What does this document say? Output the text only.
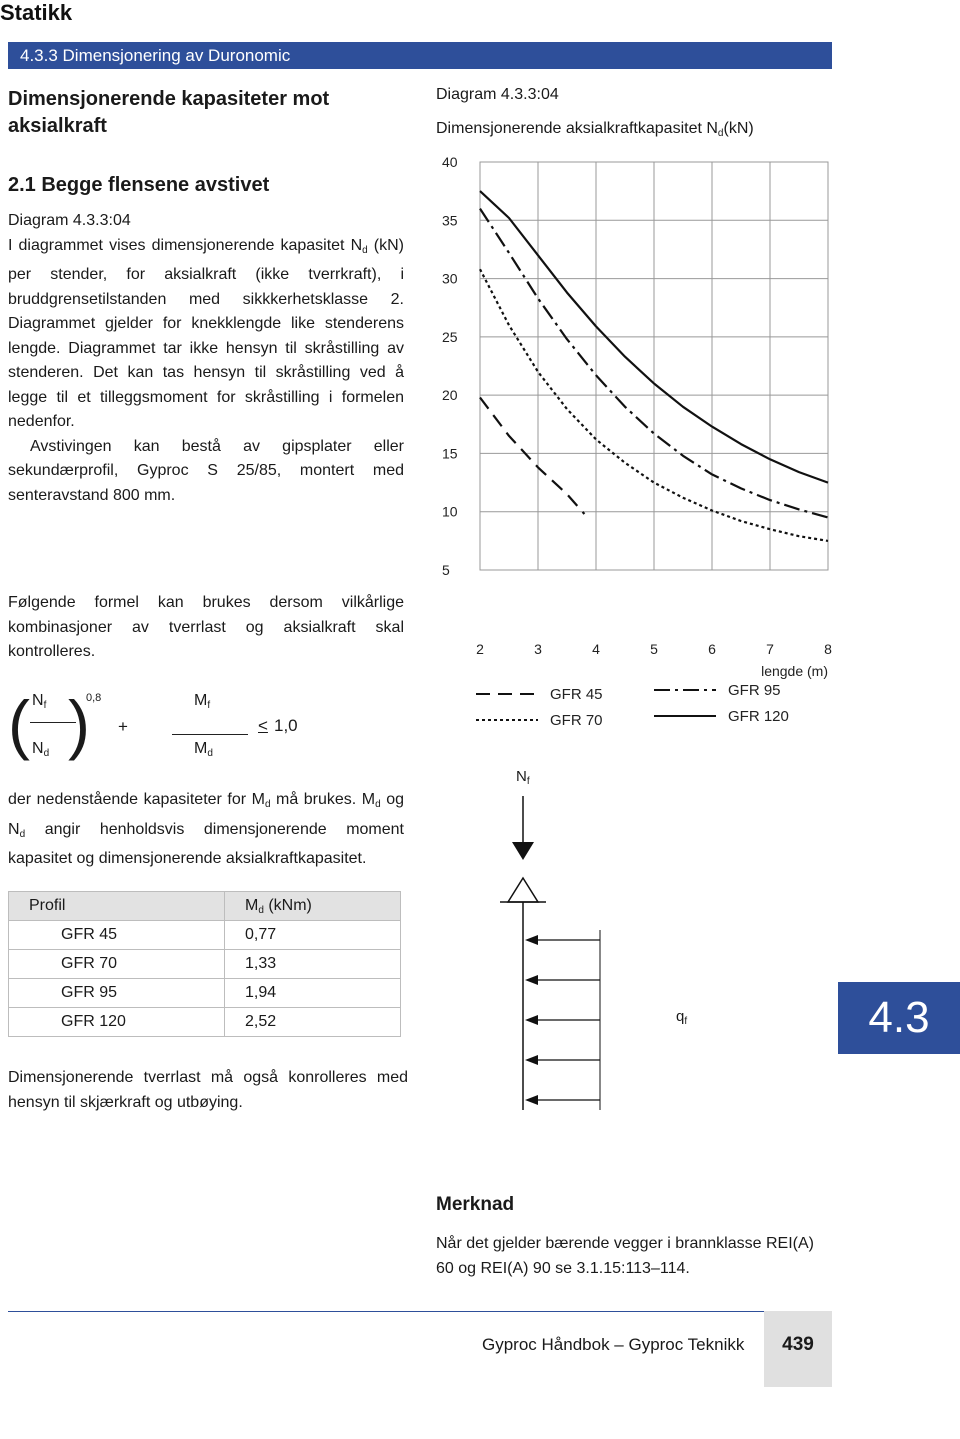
Statikk
4.3.3 Dimensjonering av Duronomic
Dimensjonerende kapasiteter mot aksialkraft
2.1 Begge flensene avstivet

Diagram 4.3.3:04

I diagrammet vises dimensjonerende kapasitet $N_d$ (kN) per stender, for aksialkraft (ikke tverrkraft), i bruddgrensetilstanden med sikkkerhetsklasse 2. Diagrammet gjelder for knekklengde like stenderens lengde. Diagrammet tar ikke hensyn til skråstilling av stenderen. Det kan tas hensyn til skråstilling ved å legge til et tilleggsmoment for skråstilling i formelen nedenfor.

Avstivingen kan bestå av gipsplater eller sekundærprofil, Gyproc S 25/85, montert med senteravstand 800 mm.

Følgende formel kan brukes dersom vilkårlige kombinasjoner av tverrlast og aksialkraft skal kontrolleres.

( $N_f$
$N_d$ )
0,8
+
$M_f$
$M_d$
≤ 1,0

der nedenstående kapasiteter for $M_d$ må brukes. $M_d$ og $N_d$ angir henholdsvis dimensjonerende moment kapasitet og dimensjonerende aksialkraftkapasitet.

Profil	$M_d$ (kNm)
GFR 45	0,77
GFR 70	1,33
GFR 95	1,94
GFR 120	2,52

Dimensjonerende tverrlast må også konrolleres med hensyn til skjærkraft og utbøying.

Diagram 4.3.3:04
Dimensjonerende aksialkraftkapasitet $N_d(kN)$
40
35
30
25
20
15
10
5
2	3	4	5	6	7	8
lengde (m)
GFR 45
GFR 70
GFR 95
GFR 120
$N_f$
$q_f$	4.3
Merknad

Når det gjelder bærende vegger i brannklasse REI(A) 60 og REI(A) 90 se 3.1.15:113–114.

Gyproc Håndbok – Gyproc Teknikk	439
